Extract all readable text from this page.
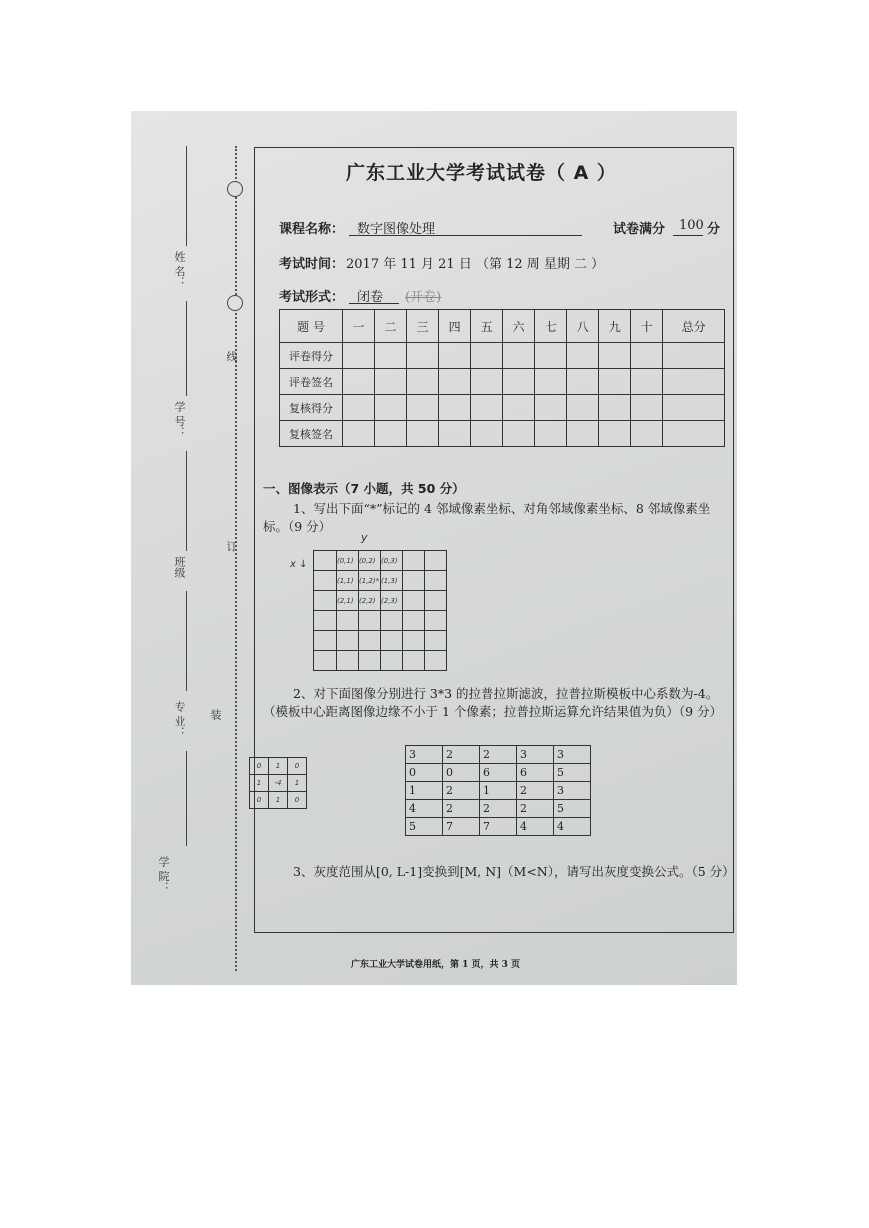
线
订
装
姓 名：
学 号：
班级
专 业：
学 院：
广东工业大学考试试卷（ A ）
课程名称： 数字图像处理	试卷满分 100 分
考试时间： 2017 年 11 月 21 日 （第 12 周 星期 二 ）
考试形式： 闭卷 (开卷)
题 号	一	二	三	四	五	六	七	八	九	十	总分
评卷得分											
评卷签名											
复核得分											
复核签名											
一、图像表示（7 小题，共 50 分）
1、写出下面“*”标记的 4 邻域像素坐标、对角邻域像素坐标、8 邻域像素坐标。（9 分）
x ↓
y
	(0,1)	(0,2)	(0,3)		
	(1,1)	(1,2)*	(1,3)		
	(2,1)	(2,2)	(2,3)		

2、对下面图像分别进行 3*3 的拉普拉斯滤波，拉普拉斯模板中心系数为-4。（模板中心距离图像边缘不小于 1 个像素；拉普拉斯运算允许结果值为负）（9 分）
0	1	0
1	-4	1
0	1	0
3	2	2	3	3
0	0	6	6	5
1	2	1	2	3
4	2	2	2	5
5	7	7	4	4
3、灰度范围从[0, L-1]变换到[M, N]（M<N），请写出灰度变换公式。（5 分）
广东工业大学试卷用纸，第 1 页，共 3 页
